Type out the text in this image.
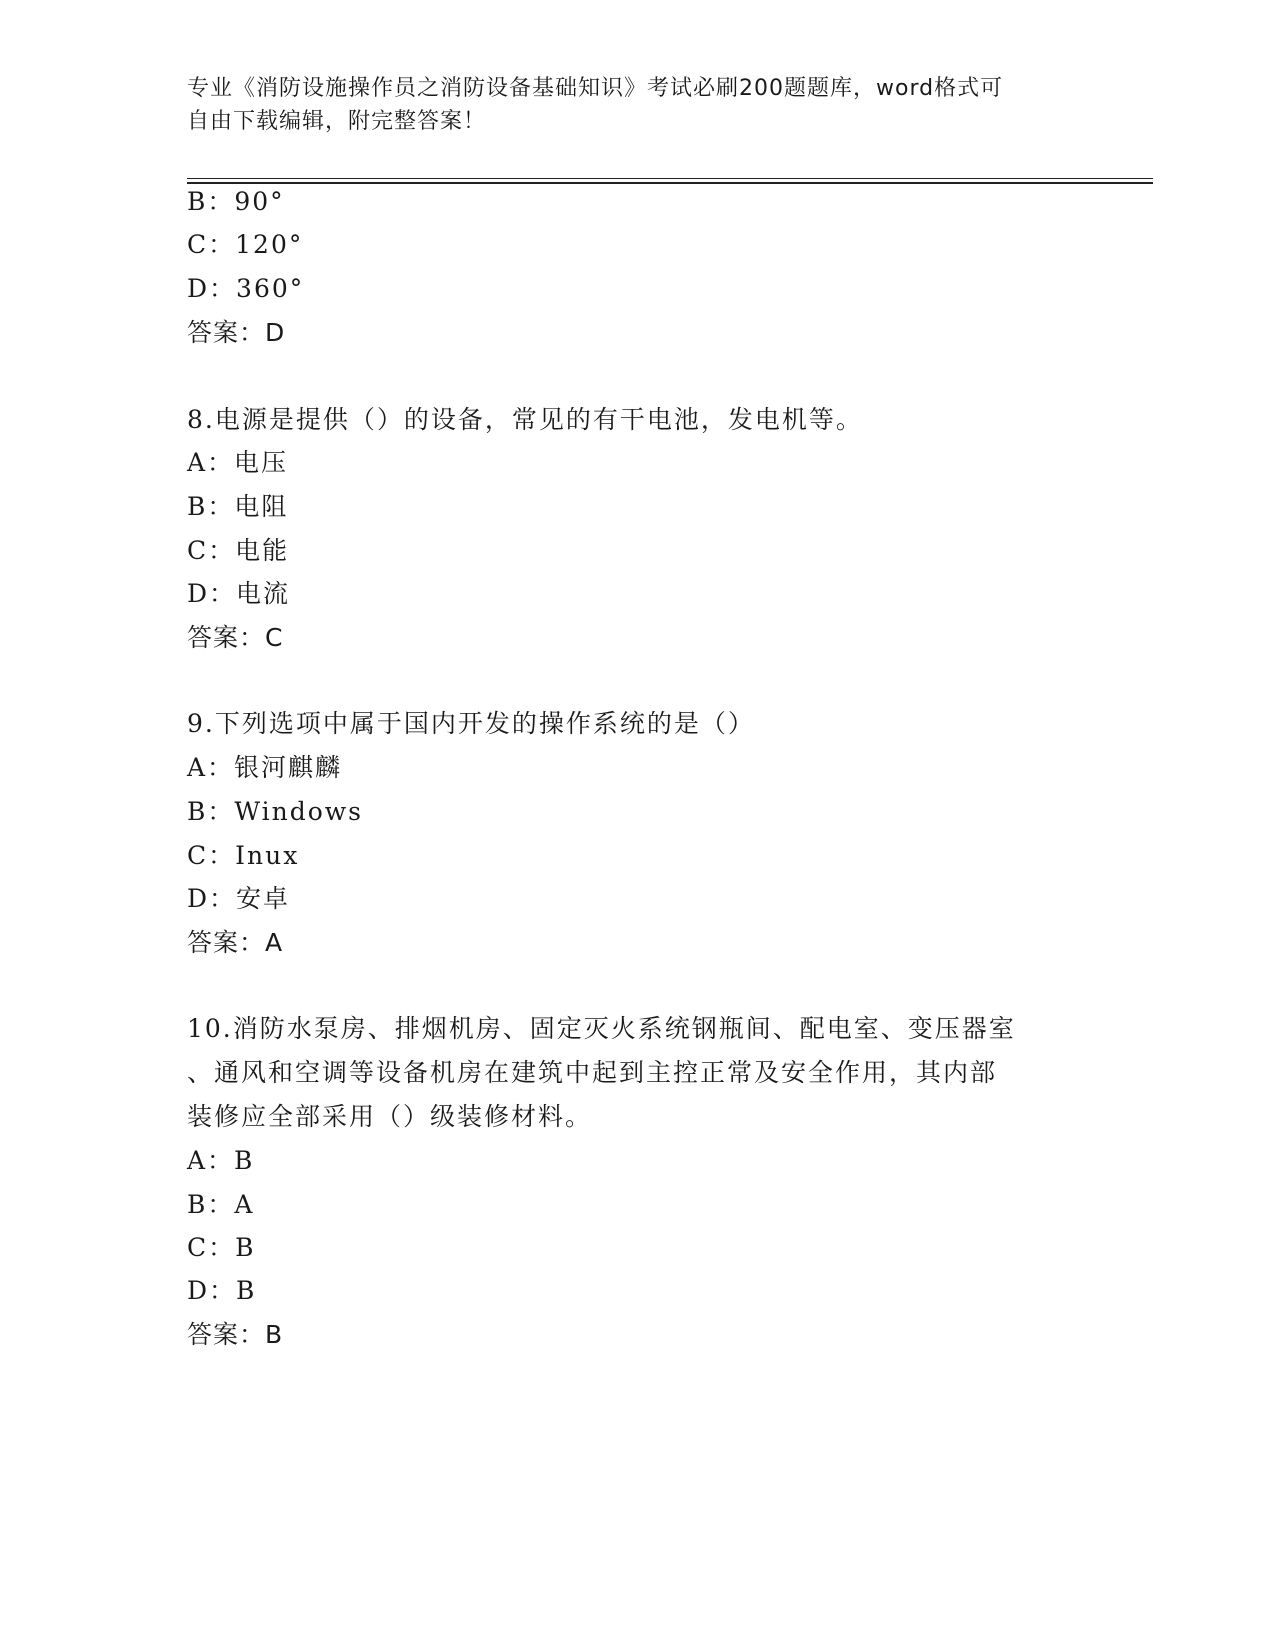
专业《消防设施操作员之消防设备基础知识》考试必刷200题题库，word格式可
自由下载编辑，附完整答案！
B：90°
C：120°
D：360°
答案：D
8.电源是提供（）的设备，常见的有干电池，发电机等。
A：电压
B：电阻
C：电能
D：电流
答案：C
9.下列选项中属于国内开发的操作系统的是（）
A：银河麒麟
B：Windows
C：Inux
D：安卓
答案：A
10.消防水泵房、排烟机房、固定灭火系统钢瓶间、配电室、变压器室
、通风和空调等设备机房在建筑中起到主控正常及安全作用，其内部
装修应全部采用（）级装修材料。
A：B
B：A
C：B
D：B
答案：B
